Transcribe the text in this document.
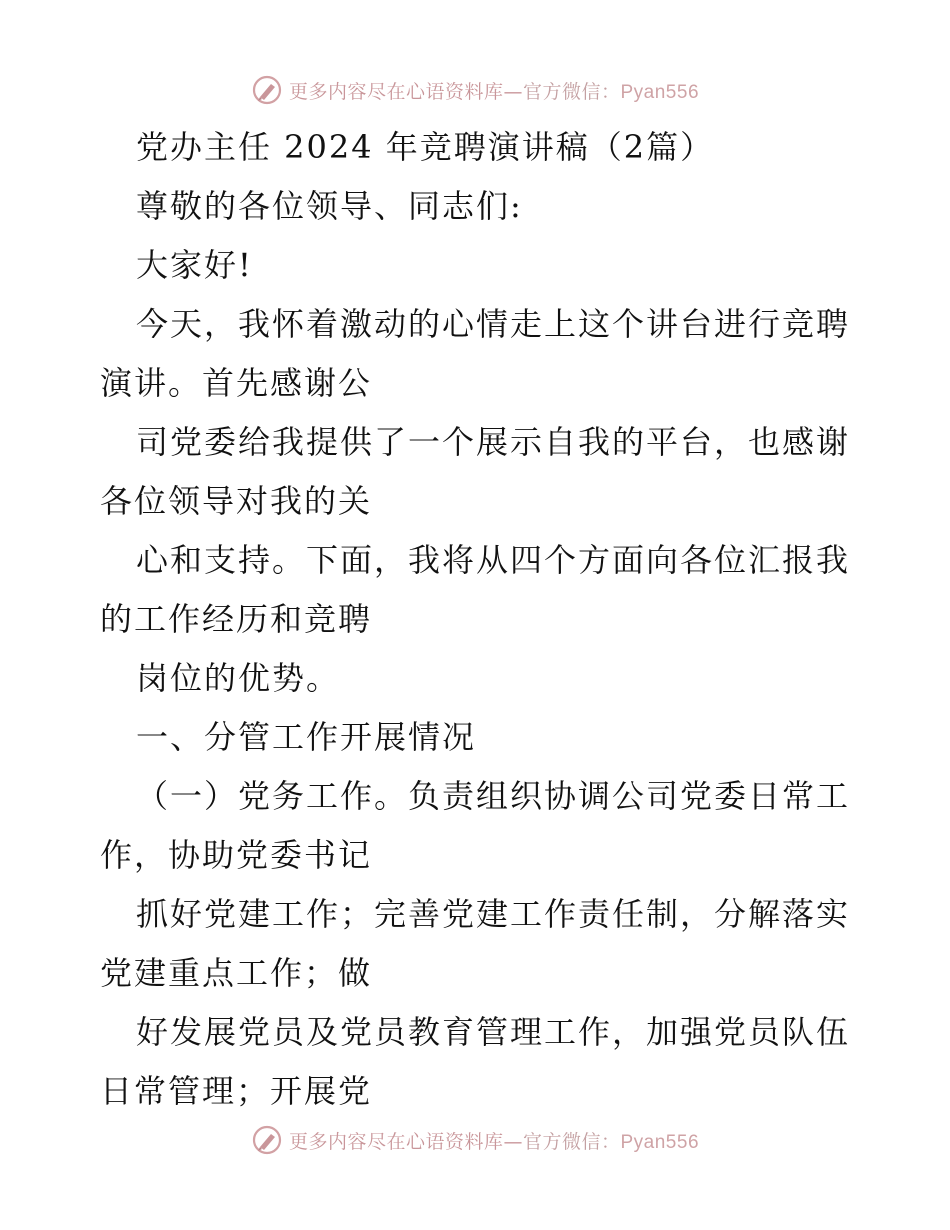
更多内容尽在心语资料库—官方微信：Pyan556
党办主任 2024 年竞聘演讲稿（2篇）
尊敬的各位领导、同志们:
大家好!
今天，我怀着激动的心情走上这个讲台进行竞聘
演讲。首先感谢公
司党委给我提供了一个展示自我的平台，也感谢
各位领导对我的关
心和支持。下面，我将从四个方面向各位汇报我
的工作经历和竞聘
岗位的优势。
一、分管工作开展情况
（一）党务工作。负责组织协调公司党委日常工
作，协助党委书记
抓好党建工作；完善党建工作责任制，分解落实
党建重点工作；做
好发展党员及党员教育管理工作，加强党员队伍
日常管理；开展党
更多内容尽在心语资料库—官方微信：Pyan556
